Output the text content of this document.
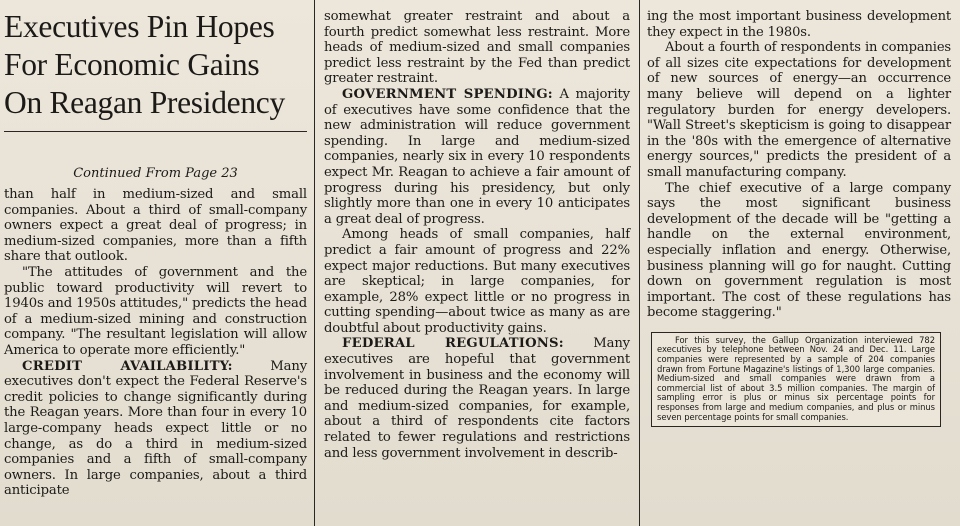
Executives Pin Hopes
For Economic Gains
On Reagan Presidency
Continued From Page 23

than half in medium-sized and small companies. About a third of small-company owners expect a great deal of progress; in medium-sized companies, more than a fifth share that outlook.

"The attitudes of government and the public toward productivity will revert to 1940s and 1950s attitudes," predicts the head of a medium-sized mining and construction company. "The resultant legislation will allow America to operate more efficiently."

CREDIT AVAILABILITY: Many executives don't expect the Federal Reserve's credit policies to change significantly during the Reagan years. More than four in every 10 large-company heads expect little or no change, as do a third in medium-sized companies and a fifth of small-company owners. In large companies, about a third anticipate

somewhat greater restraint and about a fourth predict somewhat less restraint. More heads of medium-sized and small companies predict less restraint by the Fed than predict greater restraint.

GOVERNMENT SPENDING: A majority of executives have some confidence that the new administration will reduce government spending. In large and medium-sized companies, nearly six in every 10 respondents expect Mr. Reagan to achieve a fair amount of progress during his presidency, but only slightly more than one in every 10 anticipates a great deal of progress.

Among heads of small companies, half predict a fair amount of progress and 22% expect major reductions. But many executives are skeptical; in large companies, for example, 28% expect little or no progress in cutting spending—about twice as many as are doubtful about productivity gains.

FEDERAL REGULATIONS: Many executives are hopeful that government involvement in business and the economy will be reduced during the Reagan years. In large and medium-sized companies, for example, about a third of respondents cite factors related to fewer regulations and restrictions and less government involvement in describ-

ing the most important business development they expect in the 1980s.

About a fourth of respondents in companies of all sizes cite expectations for development of new sources of energy—an occurrence many believe will depend on a lighter regulatory burden for energy developers. "Wall Street's skepticism is going to disappear in the '80s with the emergence of alternative energy sources," predicts the president of a small manufacturing company.

The chief executive of a large company says the most significant business development of the decade will be "getting a handle on the external environment, especially inflation and energy. Otherwise, business planning will go for naught. Cutting down on government regulation is most important. The cost of these regulations has become staggering."

For this survey, the Gallup Organization interviewed 782 executives by telephone between Nov. 24 and Dec. 11. Large companies were represented by a sample of 204 companies drawn from Fortune Magazine's listings of 1,300 large companies. Medium-sized and small companies were drawn from a commercial list of about 3.5 million companies. The margin of sampling error is plus or minus six percentage points for responses from large and medium companies, and plus or minus seven percentage points for small companies.
